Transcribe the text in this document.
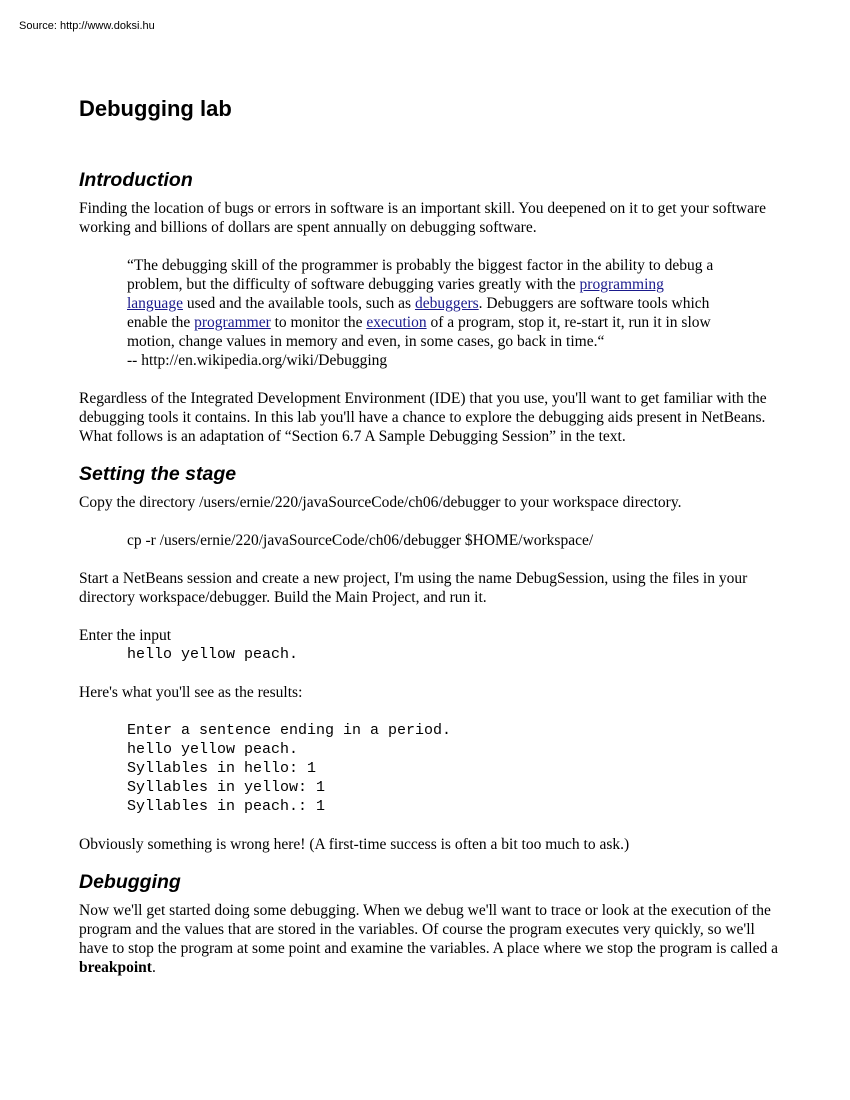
Source: http://www.doksi.hu
Debugging lab
Introduction

Finding the location of bugs or errors in software is an important skill. You deepened on it to get your software working and billions of dollars are spent annually on debugging software.

“The debugging skill of the programmer is probably the biggest factor in the ability to debug a problem, but the difficulty of software debugging varies greatly with the programming language used and the available tools, such as debuggers. Debuggers are software tools which enable the programmer to monitor the execution of a program, stop it, re-start it, run it in slow motion, change values in memory and even, in some cases, go back in time.“
-- http://en.wikipedia.org/wiki/Debugging

Regardless of the Integrated Development Environment (IDE) that you use, you'll want to get familiar with the debugging tools it contains. In this lab you'll have a chance to explore the debugging aids present in NetBeans. What follows is an adaptation of “Section 6.7 A Sample Debugging Session” in the text.

Setting the stage

Copy the directory /users/ernie/220/javaSourceCode/ch06/debugger to your workspace directory.

cp -r /users/ernie/220/javaSourceCode/ch06/debugger $HOME/workspace/

Start a NetBeans session and create a new project, I'm using the name DebugSession, using the files in your directory workspace/debugger. Build the Main Project, and run it.

Enter the input

hello yellow peach.

Here's what you'll see as the results:

Enter a sentence ending in a period.
hello yellow peach.
Syllables in hello: 1
Syllables in yellow: 1
Syllables in peach.: 1

Obviously something is wrong here! (A first-time success is often a bit too much to ask.)

Debugging

Now we'll get started doing some debugging. When we debug we'll want to trace or look at the execution of the program and the values that are stored in the variables. Of course the program executes very quickly, so we'll have to stop the program at some point and examine the variables. A place where we stop the program is called a breakpoint.
